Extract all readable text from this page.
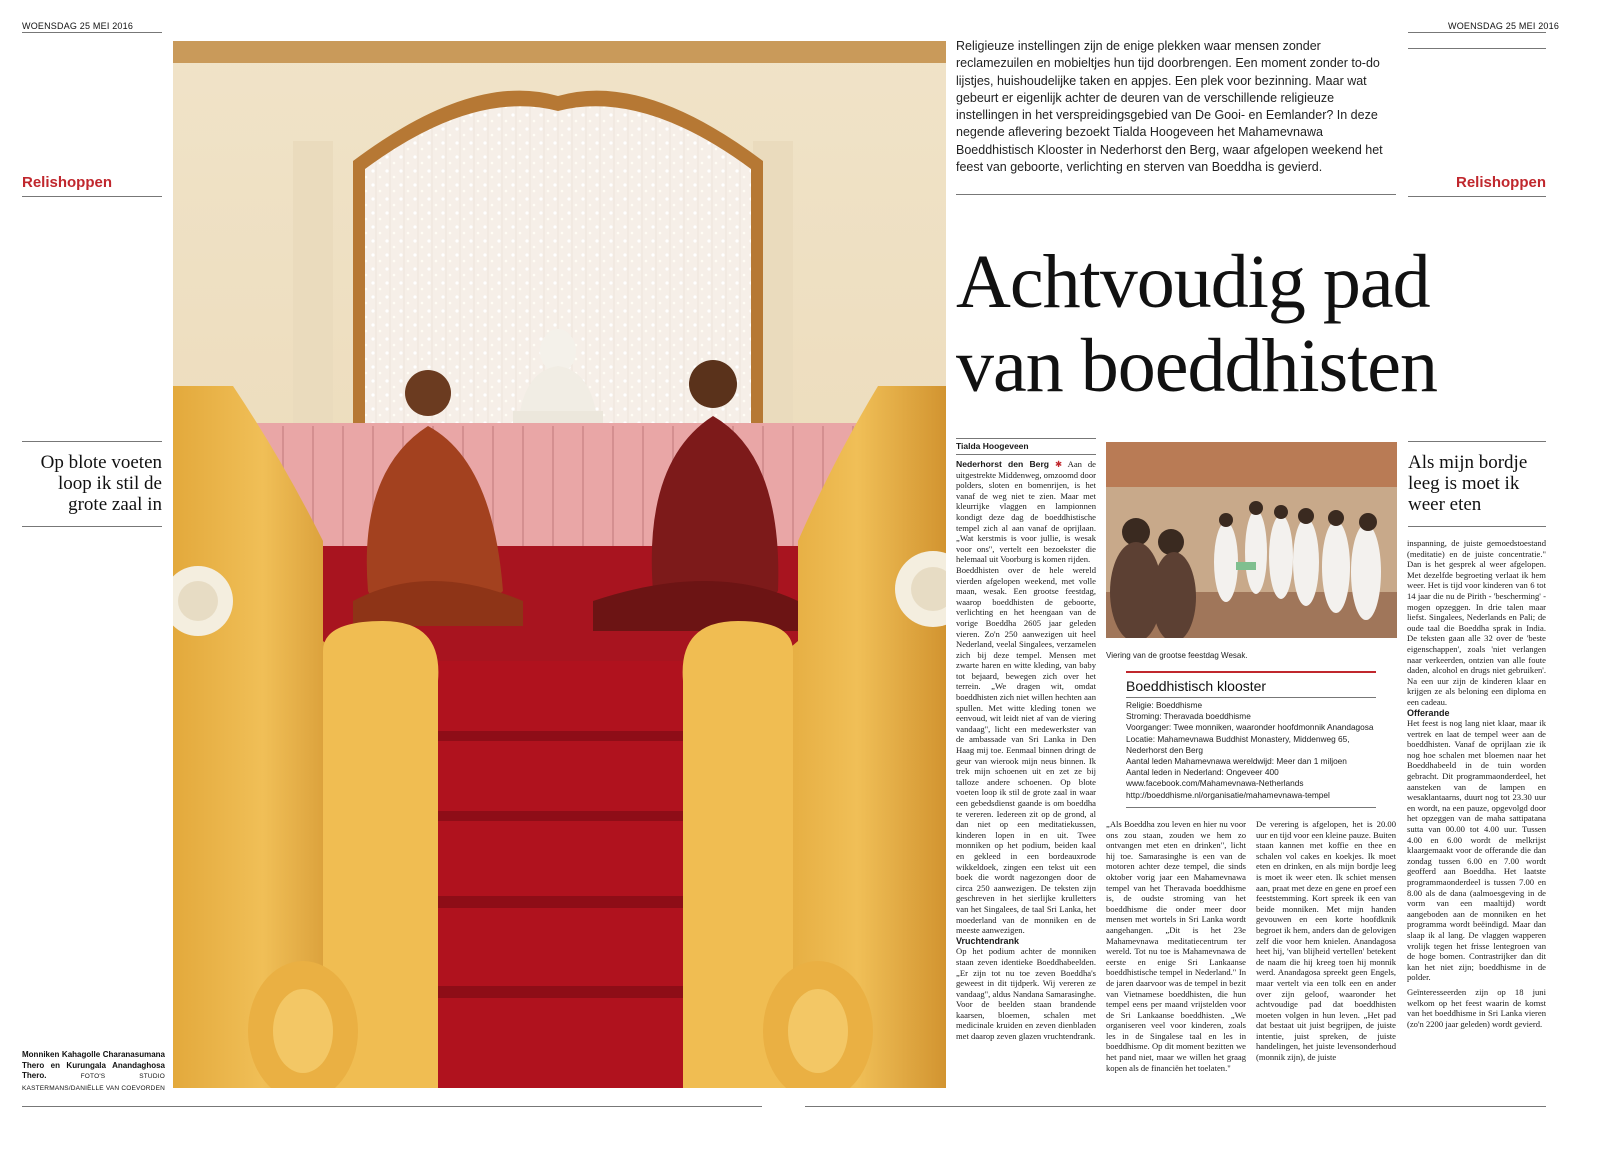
WOENSDAG 25 MEI 2016	WOENSDAG 25 MEI 2016
Relishoppen
Op blote voeten loop ik stil de grote zaal in
Monniken Kahagolle Charanasumana Thero en Kurungala Anandaghosa Thero.	FOTO'S STUDIO KASTERMANS/DANIËLLE VAN COEVORDEN
Religieuze instellingen zijn de enige plekken waar mensen zonder reclamezuilen en mobieltjes hun tijd doorbrengen. Een moment zonder to-do lijstjes, huishoudelijke taken en appjes. Een plek voor bezinning. Maar wat gebeurt er eigenlijk achter de deuren van de verschillende religieuze instellingen in het verspreidingsgebied van De Gooi- en Eemlander? In deze negende aflevering bezoekt Tialda Hoogeveen het Mahamevnawa Boeddhistisch Klooster in Nederhorst den Berg, waar afgelopen weekend het feest van geboorte, verlichting en sterven van Boeddha is gevierd.
Relishoppen
Als mijn bordje leeg is moet ik weer eten
Achtvoudig pad
van boeddhisten
Tialda Hoogeveen

Nederhorst den Berg ✱ Aan de uitgestrekte Middenweg, omzoomd door polders, sloten en bomenrijen, is het vanaf de weg niet te zien. Maar met kleurrijke vlaggen en lampionnen kondigt deze dag de boeddhistische tempel zich al aan vanaf de oprijlaan. „Wat kerstmis is voor jullie, is wesak voor ons", vertelt een bezoekster die helemaal uit Voorburg is komen rijden.

Boeddhisten over de hele wereld vierden afgelopen weekend, met volle maan, wesak. Een grootse feestdag, waarop boeddhisten de geboorte, verlichting en het heengaan van de vorige Boeddha 2605 jaar geleden vieren. Zo'n 250 aanwezigen uit heel Nederland, veelal Singalees, verzamelen zich bij deze tempel. Mensen met zwarte haren en witte kleding, van baby tot bejaard, bewegen zich over het terrein. „We dragen wit, omdat boeddhisten zich niet willen hechten aan spullen. Met witte kleding tonen we eenvoud, wit leidt niet af van de viering vandaag", licht een medewerkster van de ambassade van Sri Lanka in Den Haag mij toe. Eenmaal binnen dringt de geur van wierook mijn neus binnen. Ik trek mijn schoenen uit en zet ze bij talloze andere schoenen. Op blote voeten loop ik stil de grote zaal in waar een gebedsdienst gaande is om boeddha te vereren. Iedereen zit op de grond, al dan niet op een meditatiekussen, kinderen lopen in en uit. Twee monniken op het podium, beiden kaal en gekleed in een bordeauxrode wikkeldoek, zingen een tekst uit een boek die wordt nagezongen door de circa 250 aanwezigen. De teksten zijn geschreven in het sierlijke krulletters van het Singalees, de taal Sri Lanka, het moederland van de monniken en de meeste aanwezigen.

Vruchtendrank

Op het podium achter de monniken staan zeven identieke Boeddhabeelden. „Er zijn tot nu toe zeven Boeddha's geweest in dit tijdperk. Wij vereren ze vandaag", aldus Nandana Samarasinghe. Voor de beelden staan brandende kaarsen, bloemen, schalen met medicinale kruiden en zeven dienbladen met daarop zeven glazen vruchtendrank.

Viering van de grootse feestdag Wesak.
Boeddhistisch klooster
Religie: Boeddhisme
Stroming: Theravada boeddhisme
Voorganger: Twee monniken, waaronder hoofdmonnik Anandagosa
Locatie: Mahamevnawa Buddhist Monastery, Middenweg 65, Nederhorst den Berg
Aantal leden Mahamevnawa wereldwijd: Meer dan 1 miljoen
Aantal leden in Nederland: Ongeveer 400
www.facebook.com/Mahamevnawa-Netherlands
http://boeddhisme.nl/organisatie/mahamevnawa-tempel

„Als Boeddha zou leven en hier nu voor ons zou staan, zouden we hem zo ontvangen met eten en drinken", licht hij toe. Samarasinghe is een van de motoren achter deze tempel, die sinds oktober vorig jaar een Mahamevnawa tempel van het Theravada boeddhisme is, de oudste stroming van het boeddhisme die onder meer door mensen met wortels in Sri Lanka wordt aangehangen. „Dit is het 23e Mahamevnawa meditatiecentrum ter wereld. Tot nu toe is Mahamevnawa de eerste en enige Sri Lankaanse boeddhistische tempel in Nederland." In de jaren daarvoor was de tempel in bezit van Vietnamese boeddhisten, die hun tempel eens per maand vrijstelden voor de Sri Lankaanse boeddhisten. „We organiseren veel voor kinderen, zoals les in de Singalese taal en les in boeddhisme. Op dit moment bezitten we het pand niet, maar we willen het graag kopen als de financiën het toelaten."

De verering is afgelopen, het is 20.00 uur en tijd voor een kleine pauze. Buiten staan kannen met koffie en thee en schalen vol cakes en koekjes. Ik moet eten en drinken, en als mijn bordje leeg is moet ik weer eten. Ik schiet mensen aan, praat met deze en gene en proef een feeststemming. Kort spreek ik een van beide monniken. Met mijn handen gevouwen en een korte hoofdknik begroet ik hem, anders dan de gelovigen zelf die voor hem knielen. Anandagosa heet hij, 'van blijheid vertellen' betekent de naam die hij kreeg toen hij monnik werd. Anandagosa spreekt geen Engels, maar vertelt via een tolk een en ander over zijn geloof, waaronder het achtvoudige pad dat boeddhisten moeten volgen in hun leven. „Het pad dat bestaat uit juist begrijpen, de juiste intentie, juist spreken, de juiste handelingen, het juiste levensonderhoud (monnik zijn), de juiste

inspanning, de juiste gemoedstoestand (meditatie) en de juiste concentratie." Dan is het gesprek al weer afgelopen. Met dezelfde begroeting verlaat ik hem weer. Het is tijd voor kinderen van 6 tot 14 jaar die nu de Pirith - 'bescherming' - mogen opzeggen. In drie talen maar liefst. Singalees, Nederlands en Pali; de oude taal die Boeddha sprak in India. De teksten gaan alle 32 over de 'beste eigenschappen', zoals 'niet verlangen naar verkeerden, ontzien van alle foute daden, alcohol en drugs niet gebruiken'. Na een uur zijn de kinderen klaar en krijgen ze als beloning een diploma en een cadeau.

Offerande

Het feest is nog lang niet klaar, maar ik vertrek en laat de tempel weer aan de boeddhisten. Vanaf de oprijlaan zie ik nog hoe schalen met bloemen naar het Boeddhabeeld in de tuin worden gebracht. Dit programmaonderdeel, het aansteken van de lampen en wesaklantaarns, duurt nog tot 23.30 uur en wordt, na een pauze, opgevolgd door het opzeggen van de maha sattipatana sutta van 00.00 tot 4.00 uur. Tussen 4.00 en 6.00 wordt de melkrijst klaargemaakt voor de offerande die dan zondag tussen 6.00 en 7.00 wordt geofferd aan Boeddha. Het laatste programmaonderdeel is tussen 7.00 en 8.00 als de dana (aalmoesgeving in de vorm van een maaltijd) wordt aangeboden aan de monniken en het programma wordt beëindigd. Maar dan slaap ik al lang. De vlaggen wapperen vrolijk tegen het frisse lentegroen van de hoge bomen. Contrastrijker dan dit kan het niet zijn; boeddhisme in de polder.

Geïnteresseerden zijn op 18 juni welkom op het feest waarin de komst van het boeddhisme in Sri Lanka vieren (zo'n 2200 jaar geleden) wordt gevierd.
